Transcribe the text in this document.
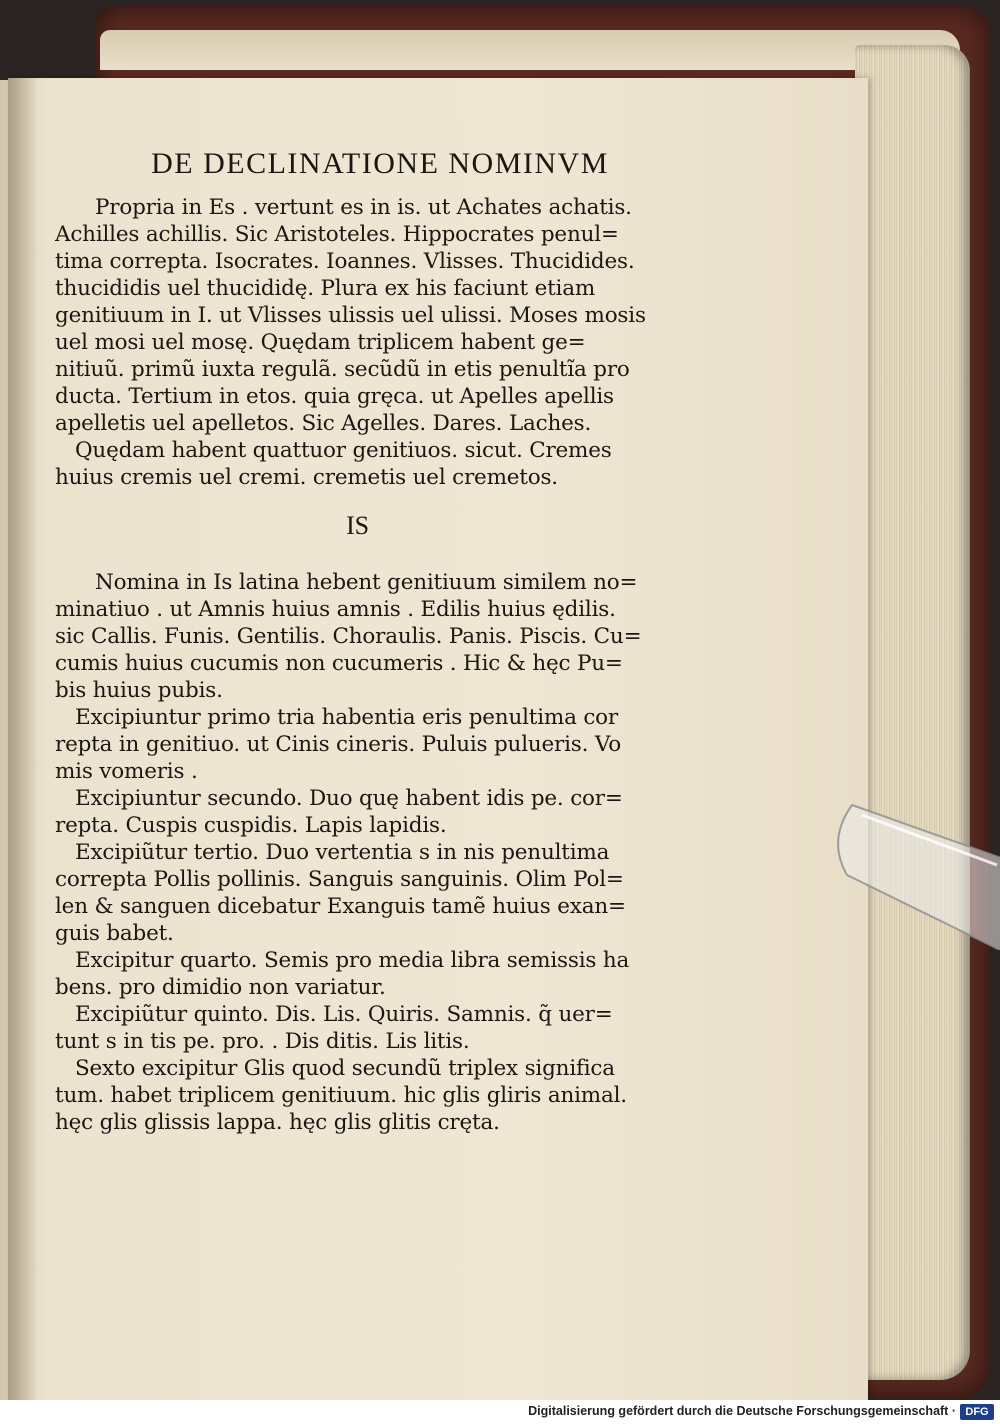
DE DECLINATIONE NOMINVM
Propria in Es . vertunt es in is. ut Achates achatis.
Achilles achillis. Sic Aristoteles. Hippocrates penul=
tima correpta. Isocrates. Ioannes. Vlisses. Thucidides.
thucididis uel thucididę. Plura ex his faciunt etiam
genitiuum in I. ut Vlisses ulissis uel ulissi. Moses mosis
uel mosi uel mosę. Quędam triplicem habent ge=
nitiuũ. primũ iuxta regulã. secũdũ in etis penultĩa pro
ducta. Tertium in etos. quia gręca. ut Apelles apellis
apelletis uel apelletos. Sic Agelles. Dares. Laches.
Quędam habent quattuor genitiuos. sicut. Cremes
huius cremis uel cremi. cremetis uel cremetos.
IS
Nomina in Is latina hebent genitiuum similem no=
minatiuo . ut Amnis huius amnis . Edilis huius ędilis.
sic Callis. Funis. Gentilis. Choraulis. Panis. Piscis. Cu=
cumis huius cucumis non cucumeris . Hic & hęc Pu=
bis huius pubis.
Excipiuntur primo tria habentia eris penultima cor
repta in genitiuo. ut Cinis cineris. Puluis pulueris. Vo
mis vomeris .
Excipiuntur secundo. Duo quę habent idis pe. cor=
repta. Cuspis cuspidis. Lapis lapidis.
Excipiũtur tertio. Duo vertentia s in nis penultima
correpta Pollis pollinis. Sanguis sanguinis. Olim Pol=
len & sanguen dicebatur Exanguis tamẽ huius exan=
guis babet.
Excipitur quarto. Semis pro media libra semissis ha
bens. pro dimidio non variatur.
Excipiũtur quinto. Dis. Lis. Quiris. Samnis. q̃ uer=
tunt s in tis pe. pro. . Dis ditis. Lis litis.
Sexto excipitur Glis quod secundũ triplex significa
tum. habet triplicem genitiuum. hic glis gliris animal.
hęc glis glissis lappa. hęc glis glitis cręta.
Digitalisierung gefördert durch die Deutsche Forschungsgemeinschaft · DFG
